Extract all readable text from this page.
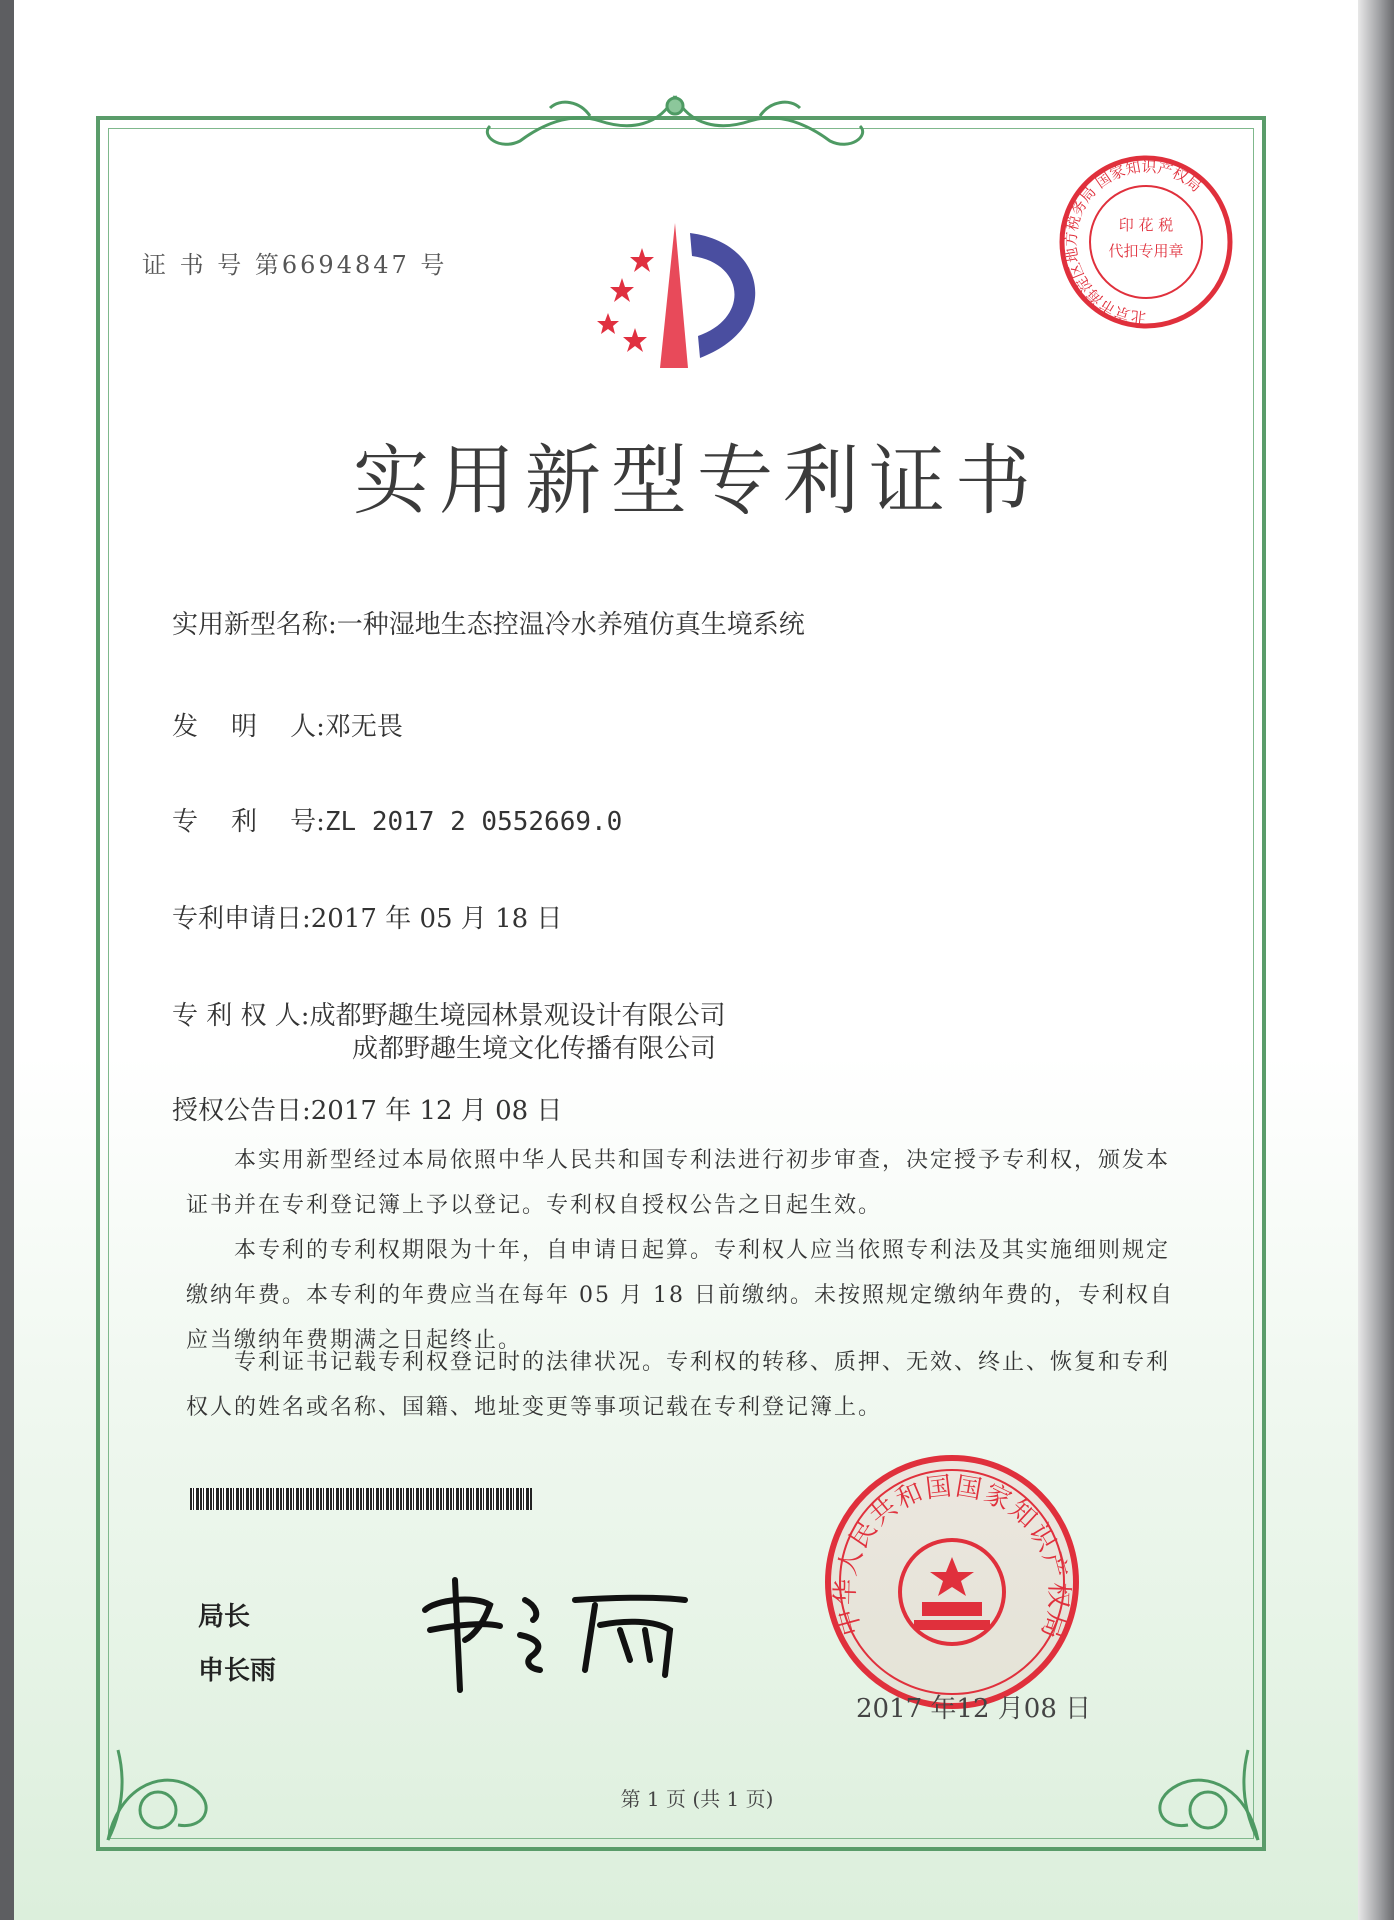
证 书 号 第6694847 号
印 花 税
代扣专用章
北京市海淀区地方税务局 国家知识产权局
实用新型专利证书
实用新型名称:一种湿地生态控温冷水养殖仿真生境系统
发    明    人:邓无畏
专    利    号:ZL 2017 2 0552669.0
专利申请日:2017 年 05 月 18 日
专 利 权 人:成都野趣生境园林景观设计有限公司
成都野趣生境文化传播有限公司
授权公告日:2017 年 12 月 08 日
本实用新型经过本局依照中华人民共和国专利法进行初步审查，决定授予专利权，颁发本证书并在专利登记簿上予以登记。专利权自授权公告之日起生效。
本专利的专利权期限为十年，自申请日起算。专利权人应当依照专利法及其实施细则规定缴纳年费。本专利的年费应当在每年 05 月 18 日前缴纳。未按照规定缴纳年费的，专利权自应当缴纳年费期满之日起终止。
专利证书记载专利权登记时的法律状况。专利权的转移、质押、无效、终止、恢复和专利权人的姓名或名称、国籍、地址变更等事项记载在专利登记簿上。
局长
申长雨
中华人民共和国国家知识产权局
2017 年12 月08 日
第 1 页 (共 1 页)
